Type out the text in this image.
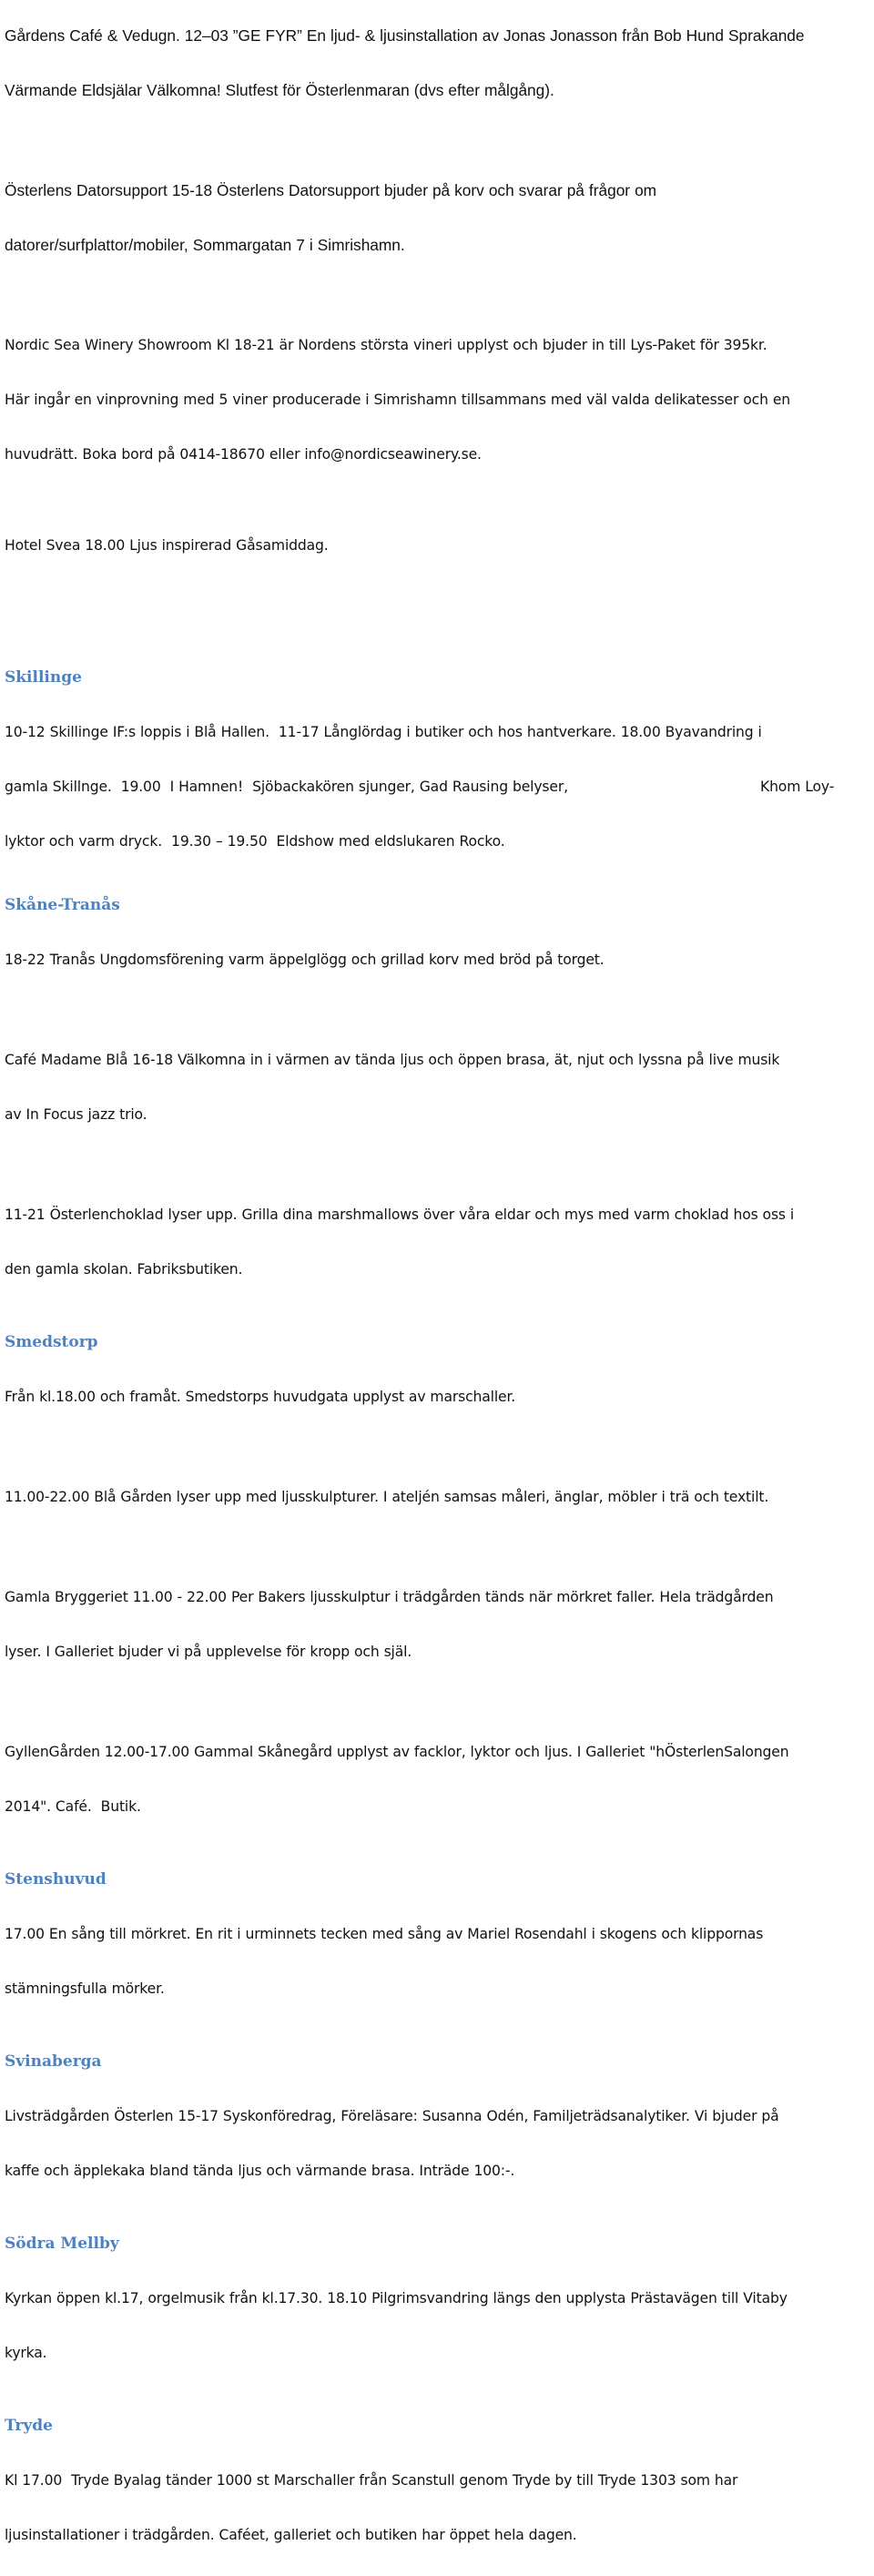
Gårdens Café & Vedugn. 12–03 ”GE FYR” En ljud- & ljusinstallation av Jonas Jonasson från Bob Hund Sprakande

Värmande Eldsjälar Välkomna! Slutfest för Österlenmaran (dvs efter målgång).

Österlens Datorsupport 15-18 Österlens Datorsupport bjuder på korv och svarar på frågor om

datorer/surfplattor/mobiler, Sommargatan 7 i Simrishamn.

Nordic Sea Winery Showroom Kl 18-21 är Nordens största vineri upplyst och bjuder in till Lys-Paket för 395kr.

Här ingår en vinprovning med 5 viner producerade i Simrishamn tillsammans med väl valda delikatesser och en

huvudrätt. Boka bord på 0414-18670 eller info@nordicseawinery.se.

Hotel Svea 18.00 Ljus inspirerad Gåsamiddag.

Skillinge

10-12 Skillinge IF:s loppis i Blå Hallen.  11-17 Långlördag i butiker och hos hantverkare. 18.00 Byavandring i

gamla Skillnge.  19.00  I Hamnen!  Sjöbackakören sjunger, Gad Rausing belyser,	Khom Loy-

lyktor och varm dryck.  19.30 – 19.50  Eldshow med eldslukaren Rocko.

Skåne-Tranås

18-22 Tranås Ungdomsförening varm äppelglögg och grillad korv med bröd på torget.

Café Madame Blå 16-18 Välkomna in i värmen av tända ljus och öppen brasa, ät, njut och lyssna på live musik

av In Focus jazz trio.

11-21 Österlenchoklad lyser upp. Grilla dina marshmallows över våra eldar och mys med varm choklad hos oss i

den gamla skolan. Fabriksbutiken.

Smedstorp

Från kl.18.00 och framåt. Smedstorps huvudgata upplyst av marschaller.

11.00-22.00 Blå Gården lyser upp med ljusskulpturer. I ateljén samsas måleri, änglar, möbler i trä och textilt.

Gamla Bryggeriet 11.00 - 22.00 Per Bakers ljusskulptur i trädgården tänds när mörkret faller. Hela trädgården

lyser. I Galleriet bjuder vi på upplevelse för kropp och själ.

GyllenGården 12.00-17.00 Gammal Skånegård upplyst av facklor, lyktor och ljus. I Galleriet "hÖsterlenSalongen

2014". Café.  Butik.

Stenshuvud

17.00 En sång till mörkret. En rit i urminnets tecken med sång av Mariel Rosendahl i skogens och klippornas

stämningsfulla mörker.

Svinaberga

Livsträdgården Österlen 15-17 Syskonföredrag, Föreläsare: Susanna Odén, Familjeträdsanalytiker. Vi bjuder på

kaffe och äpplekaka bland tända ljus och värmande brasa. Inträde 100:-.

Södra Mellby

Kyrkan öppen kl.17, orgelmusik från kl.17.30. 18.10 Pilgrimsvandring längs den upplysta Prästavägen till Vitaby

kyrka.

Tryde

Kl 17.00  Tryde Byalag tänder 1000 st Marschaller från Scanstull genom Tryde by till Tryde 1303 som har

ljusinstallationer i trädgården. Caféet, galleriet och butiken har öppet hela dagen.
